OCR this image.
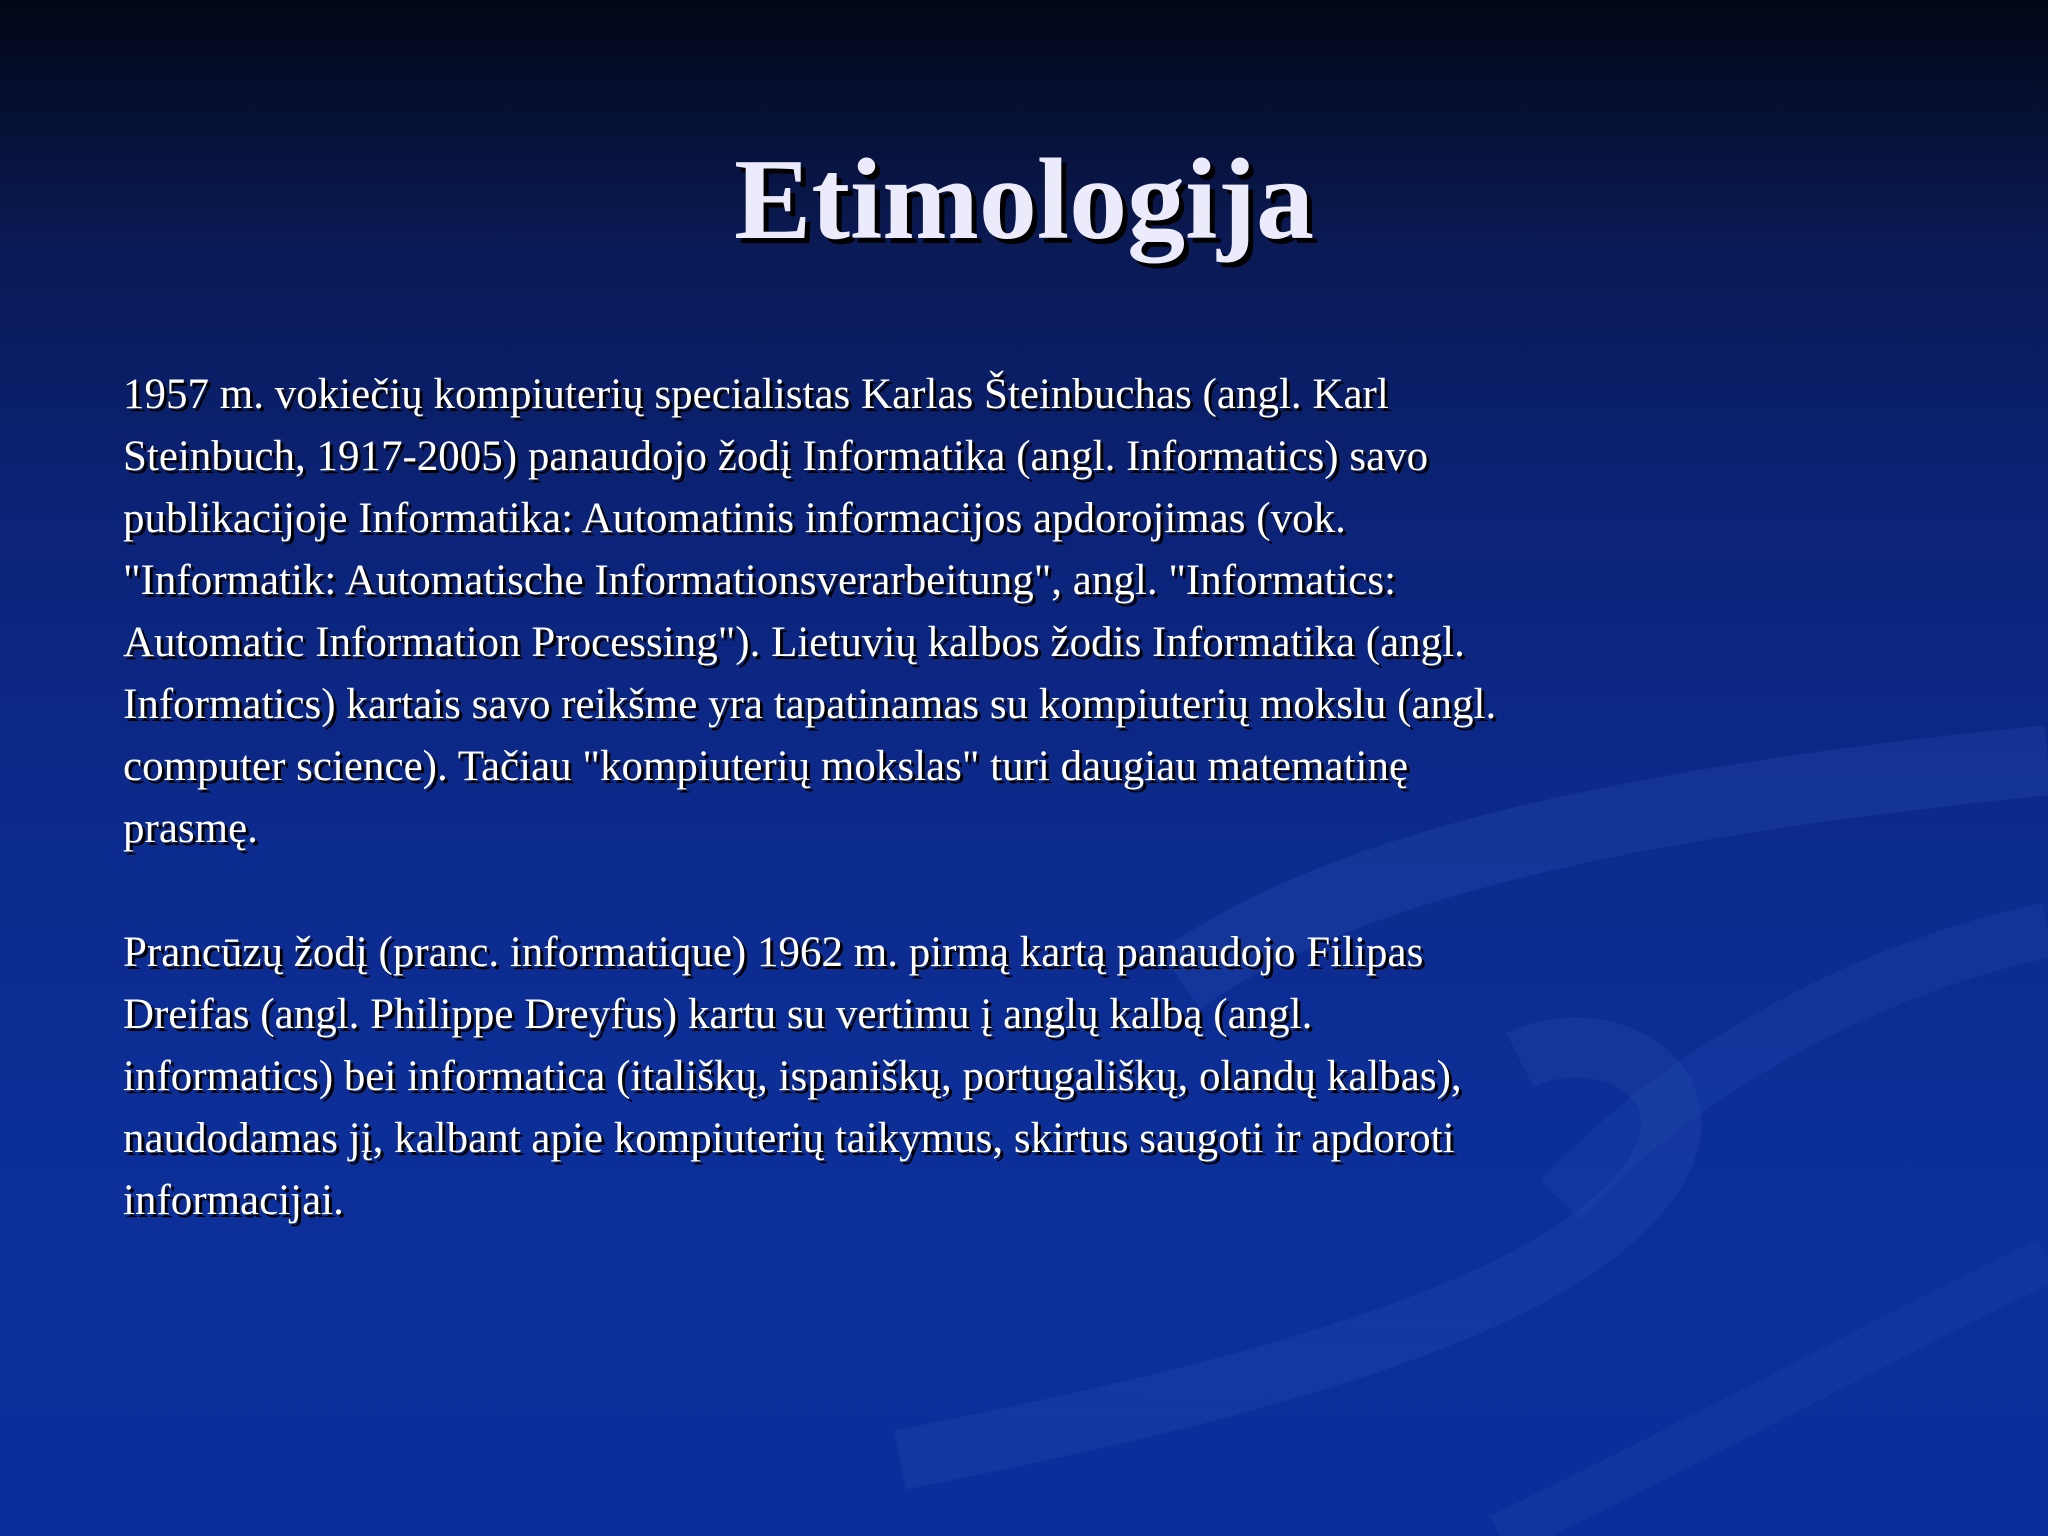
Etimologija

1957 m. vokiečių kompiuterių specialistas Karlas Šteinbuchas (angl. Karl
Steinbuch, 1917-2005) panaudojo žodį Informatika (angl. Informatics) savo
publikacijoje Informatika: Automatinis informacijos apdorojimas (vok.
"Informatik: Automatische Informationsverarbeitung", angl. "Informatics:
Automatic Information Processing"). Lietuvių kalbos žodis Informatika (angl.
Informatics) kartais savo reikšme yra tapatinamas su kompiuterių mokslu (angl.
computer science). Tačiau "kompiuterių mokslas" turi daugiau matematinę
prasmę.

Prancūzų žodį (pranc. informatique) 1962 m. pirmą kartą panaudojo Filipas
Dreifas (angl. Philippe Dreyfus) kartu su vertimu į anglų kalbą (angl.
informatics) bei informatica (itališkų, ispaniškų, portugališkų, olandų kalbas),
naudodamas jį, kalbant apie kompiuterių taikymus, skirtus saugoti ir apdoroti
informacijai.
